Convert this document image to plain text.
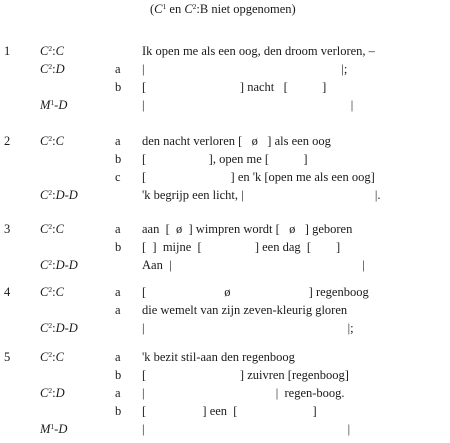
($C^1$ en $C^2:B$ niet opgenomen)
1 $C^2:C$	Ik open me als een oog, den droom verloren, –
$C^2:D$	a |                                                               |;
b [                              ] nacht   [           ]
$M^1-D$	|                                                                  |
2 $C^2:C$	a den nacht verloren [   ø   ] als een oog
b [                    ], open me [           ]
c [                           ] en 'k [open me als een oog]
$C^2:D-D$	'k begrijp een licht, |                                          |.
3 $C^2:C$	a aan  [  ø  ] wimpren wordt [   ø   ] geboren
b [  ]  mijne  [                 ] een dag  [        ]
$C^2:D-D$	Aan  |                                                             |
4 $C^2:C$	a [                         ø                         ] regenboog
a die wemelt van zijn zeven-kleurig gloren
$C^2:D-D$	|                                                                 |;
5 $C^2:C$	a 'k bezit stil-aan den regenboog
b [                              ] zuivren [regenboog]
$C^2:D$	a |                                          |  regen-boog.
b [                  ] een  [                        ]
$M^1-D$	|                                                                 |
